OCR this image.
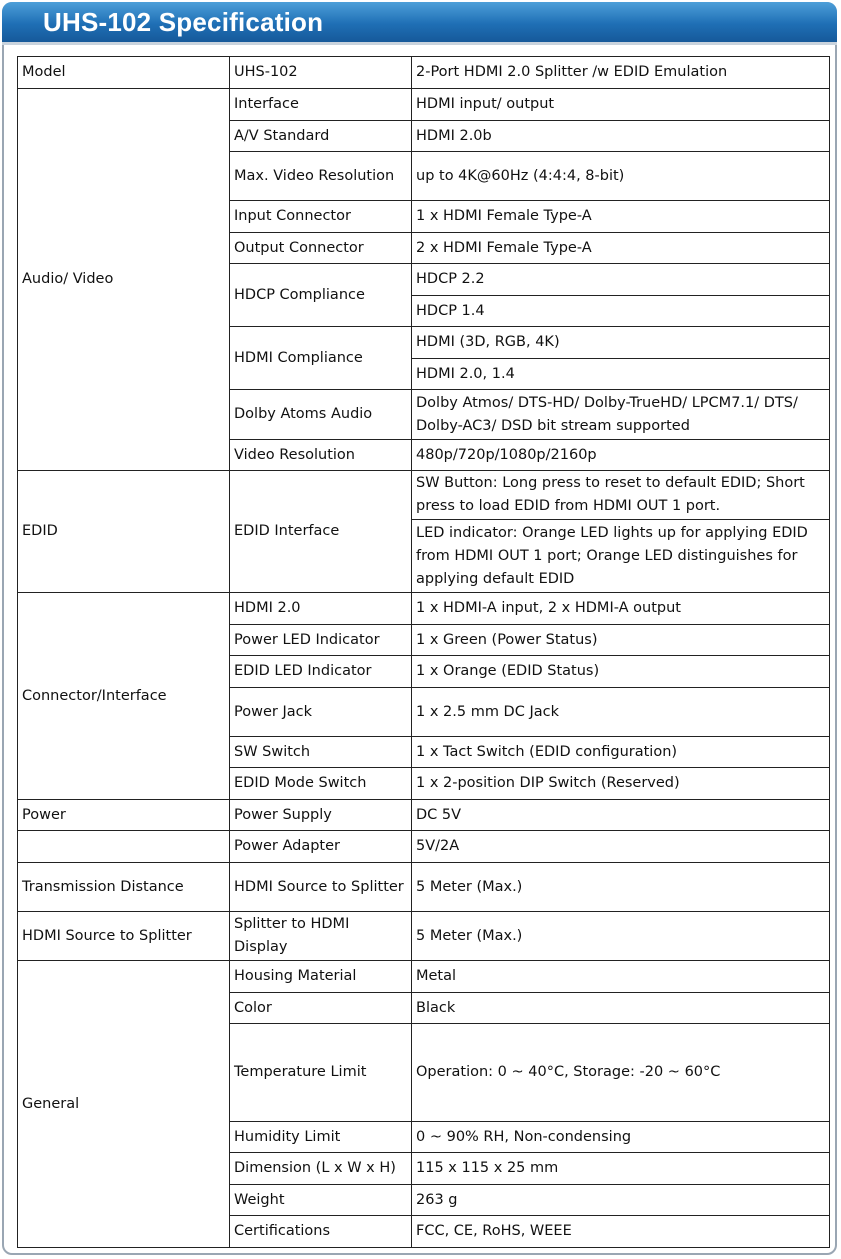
UHS-102 Specification
Model	UHS-102	2-Port HDMI 2.0 Splitter /w EDID Emulation
Audio/ Video	Interface	HDMI input/ output
	A/V Standard	HDMI 2.0b
	Max. Video Resolution	up to 4K@60Hz (4:4:4, 8-bit)
	Input Connector	1 x HDMI Female Type-A
	Output Connector	2 x HDMI Female Type-A
	HDCP Compliance	HDCP 2.2
		HDCP 1.4
	HDMI Compliance	HDMI (3D, RGB, 4K)
		HDMI 2.0, 1.4
	Dolby Atoms Audio	Dolby Atmos/ DTS-HD/ Dolby-TrueHD/ LPCM7.1/ DTS/ Dolby-AC3/ DSD bit stream supported
	Video Resolution	480p/720p/1080p/2160p
EDID	EDID Interface	SW Button: Long press to reset to default EDID; Short press to load EDID from HDMI OUT 1 port.
		LED indicator: Orange LED lights up for applying EDID from HDMI OUT 1 port; Orange LED distinguishes for applying default EDID
Connector/Interface	HDMI 2.0	1 x HDMI-A input, 2 x HDMI-A output
	Power LED Indicator	1 x Green (Power Status)
	EDID LED Indicator	1 x Orange (EDID Status)
	Power Jack	1 x 2.5 mm DC Jack
	SW Switch	1 x Tact Switch (EDID configuration)
	EDID Mode Switch	1 x 2-position DIP Switch (Reserved)
Power	Power Supply	DC 5V
	Power Adapter	5V/2A
Transmission Distance	HDMI Source to Splitter	5 Meter (Max.)
HDMI Source to Splitter	Splitter to HDMI Display	5 Meter (Max.)
General	Housing Material	Metal
	Color	Black
	Temperature Limit	Operation: 0 ~ 40°C, Storage: -20 ~ 60°C
	Humidity Limit	0 ~ 90% RH, Non-condensing
	Dimension (L x W x H)	115 x 115 x 25 mm
	Weight	263 g
	Certifications	FCC, CE, RoHS, WEEE
